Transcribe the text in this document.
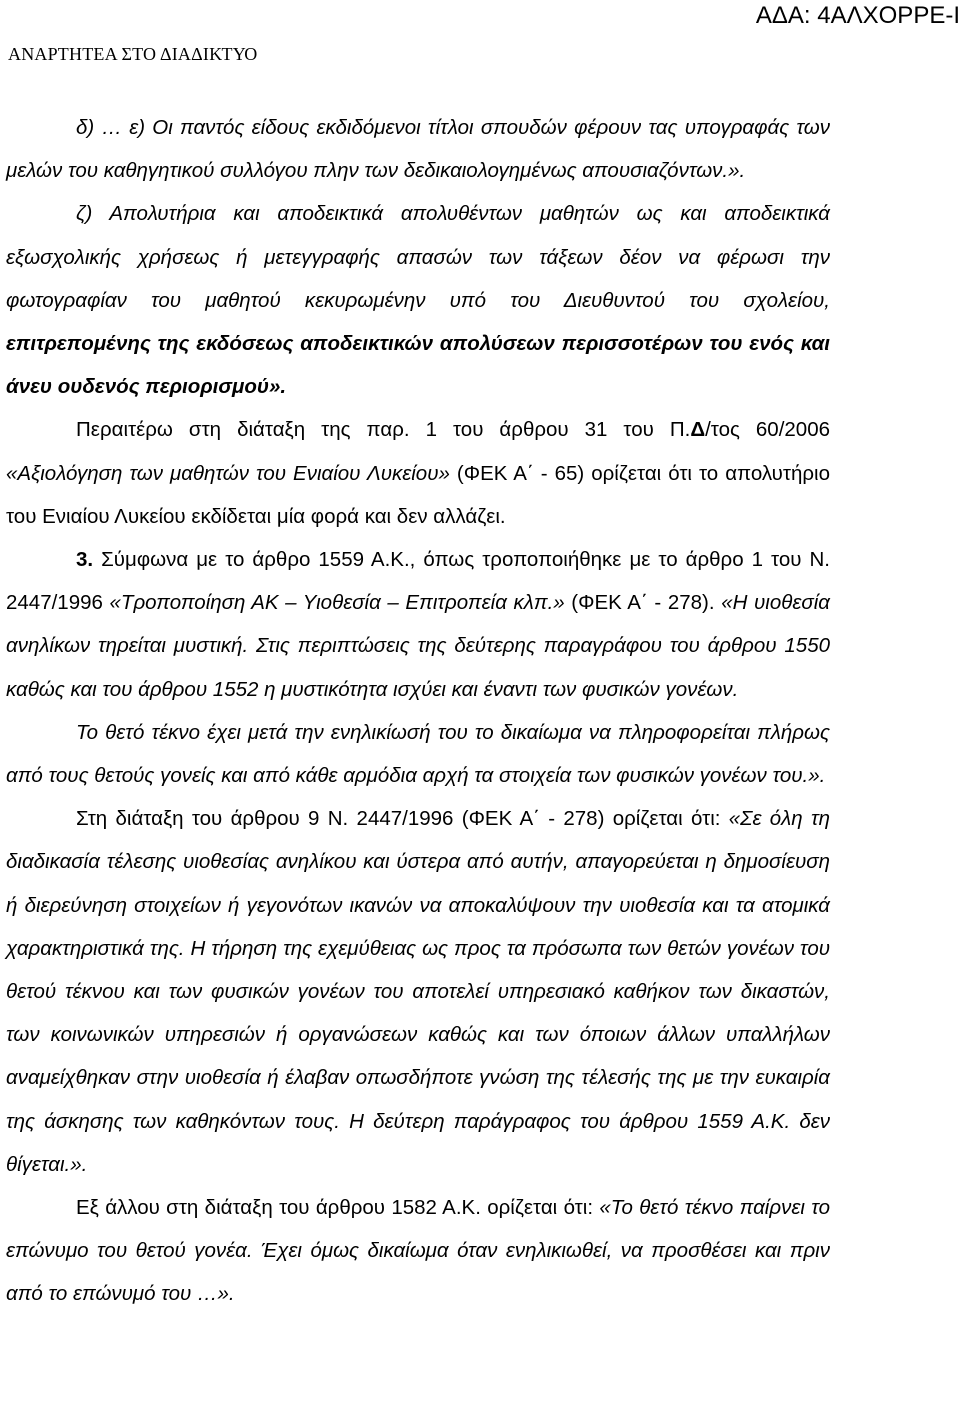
ΑΝΑΡΤΗΤΕΑ ΣΤΟ ΔΙΑΔΙΚΤΥΟ
ΑΔΑ: 4ΑΛΧΟΡΡΕ-Ι

δ) … ε) Οι παντός είδους εκδιδόμενοι τίτλοι σπουδών φέρουν τας υπογραφάς των μελών του καθηγητικού συλλόγου πλην των δεδικαιολογημένως απουσιαζόντων.».

ζ) Απολυτήρια και αποδεικτικά απολυθέντων μαθητών ως και αποδεικτικά εξωσχολικής χρήσεως ή μετεγγραφής απασών των τάξεων δέον να φέρωσι την φωτογραφίαν του μαθητού κεκυρωμένην υπό του Διευθυντού του σχολείου, επιτρεπομένης της εκδόσεως αποδεικτικών απολύσεων περισσοτέρων του ενός και άνευ ουδενός περιορισμού».

Περαιτέρω στη διάταξη της παρ. 1 του άρθρου 31 του Π.Δ/τος 60/2006 «Αξιολόγηση των μαθητών του Ενιαίου Λυκείου» (ΦΕΚ Α΄ - 65) ορίζεται ότι το απολυτήριο του Ενιαίου Λυκείου εκδίδεται μία φορά και δεν αλλάζει.

3. Σύμφωνα με το άρθρο 1559 Α.Κ., όπως τροποποιήθηκε με το άρθρο 1 του Ν. 2447/1996 «Τροποποίηση ΑΚ – Υιοθεσία – Επιτροπεία κλπ.» (ΦΕΚ Α΄ - 278). «Η υιοθεσία ανηλίκων τηρείται μυστική. Στις περιπτώσεις της δεύτερης παραγράφου του άρθρου 1550 καθώς και του άρθρου 1552 η μυστικότητα ισχύει και έναντι των φυσικών γονέων.

Το θετό τέκνο έχει μετά την ενηλικίωσή του το δικαίωμα να πληροφορείται πλήρως από τους θετούς γονείς και από κάθε αρμόδια αρχή τα στοιχεία των φυσικών γονέων του.».

Στη διάταξη του άρθρου 9 Ν. 2447/1996 (ΦΕΚ Α΄ - 278) ορίζεται ότι: «Σε όλη τη διαδικασία τέλεσης υιοθεσίας ανηλίκου και ύστερα από αυτήν, απαγορεύεται η δημοσίευση ή διερεύνηση στοιχείων ή γεγονότων ικανών να αποκαλύψουν την υιοθεσία και τα ατομικά χαρακτηριστικά της. Η τήρηση της εχεμύθειας ως προς τα πρόσωπα των θετών γονέων του θετού τέκνου και των φυσικών γονέων του αποτελεί υπηρεσιακό καθήκον των δικαστών, των κοινωνικών υπηρεσιών ή οργανώσεων καθώς και των όποιων άλλων υπαλλήλων αναμείχθηκαν στην υιοθεσία ή έλαβαν οπωσδήποτε γνώση της τέλεσής της με την ευκαιρία της άσκησης των καθηκόντων τους. Η δεύτερη παράγραφος του άρθρου 1559 Α.Κ. δεν θίγεται.».

Εξ άλλου στη διάταξη του άρθρου 1582 Α.Κ. ορίζεται ότι: «Το θετό τέκνο παίρνει το επώνυμο του θετού γονέα. Έχει όμως δικαίωμα όταν ενηλικιωθεί, να προσθέσει και πριν από το επώνυμό του …».
